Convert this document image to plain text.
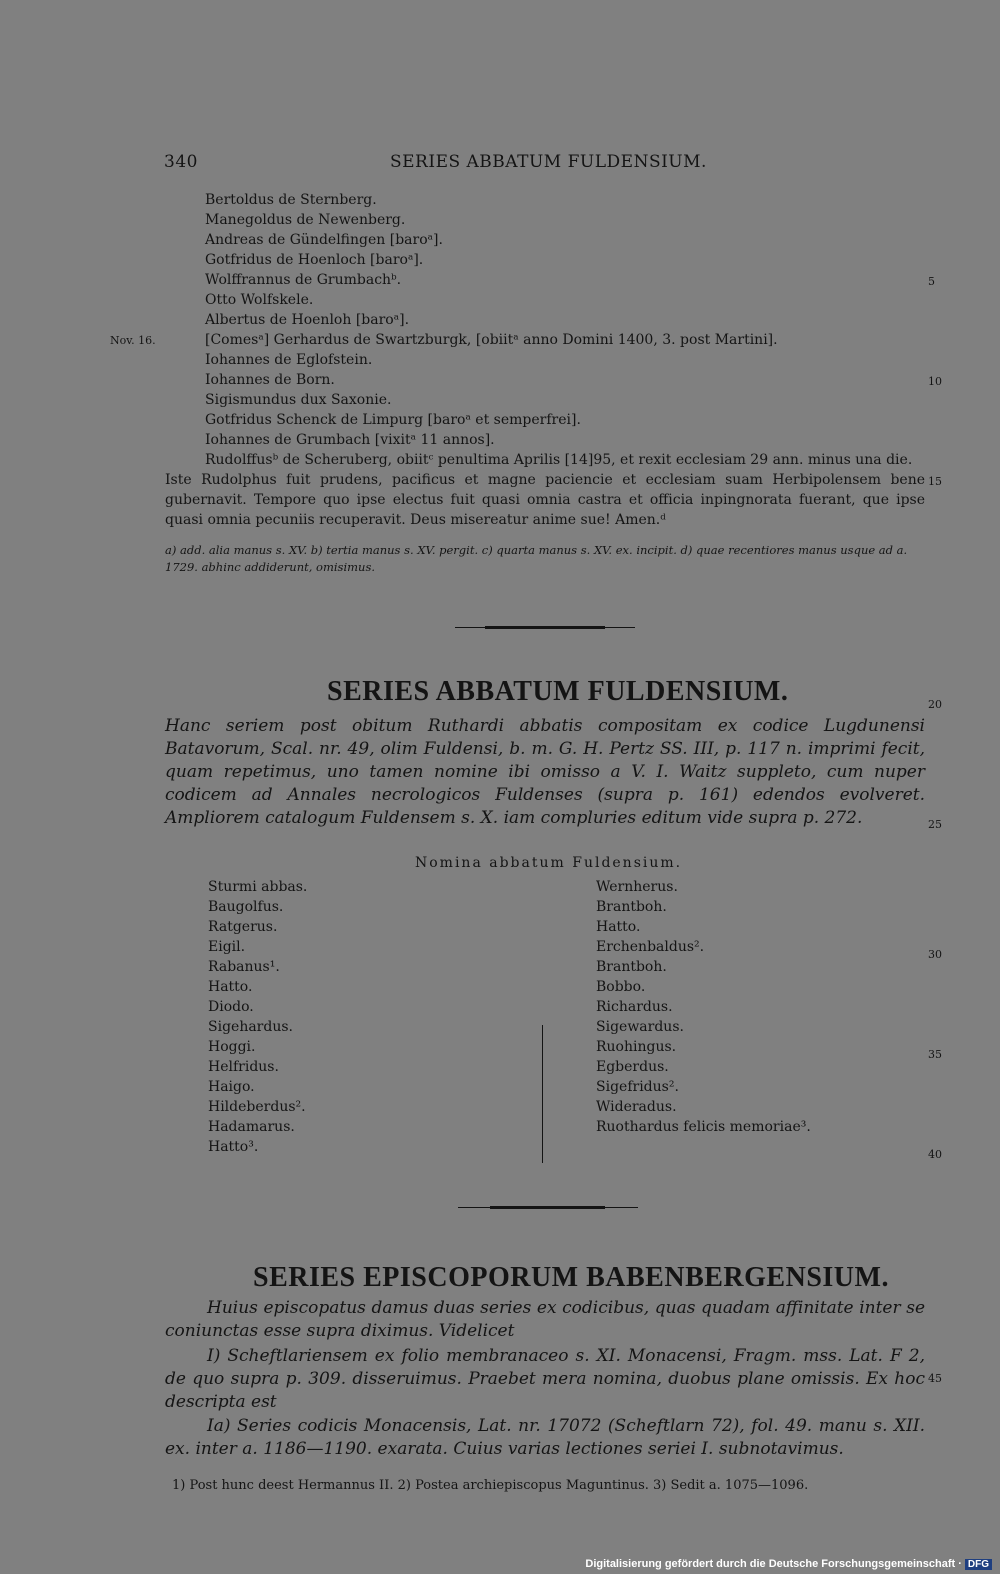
340	SERIES ABBATUM FULDENSIUM.
Bertoldus de Sternberg.
Manegoldus de Newenberg.
Andreas de Gündelfingen [baroᵃ].
Gotfridus de Hoenloch [baroᵃ].
Wolffrannus de Grumbachᵇ.
Otto Wolfskele.
Albertus de Hoenloh [baroᵃ].
[Comesᵃ] Gerhardus de Swartzburgk, [obiitᵃ anno Domini 1400, 3. post Martini].
Iohannes de Eglofstein.
Iohannes de Born.
Sigismundus dux Saxonie.
Gotfridus Schenck de Limpurg [baroᵃ et semperfrei].
Iohannes de Grumbach [vixitᵃ 11 annos].
Rudolffusᵇ de Scheruberg, obiitᶜ penultima Aprilis [14]95, et rexit ecclesiam 29 ann. minus una die.
Nov. 16.
Iste Rudolphus fuit prudens, pacificus et magne paciencie et ecclesiam suam Herbipolensem bene gubernavit. Tempore quo ipse electus fuit quasi omnia castra et officia inpingnorata fuerant, que ipse quasi omnia pecuniis recuperavit. Deus misereatur anime sue! Amen.ᵈ
5
10
15
20
25
30
35
40
45
a) add. alia manus s. XV. b) tertia manus s. XV. pergit. c) quarta manus s. XV. ex. incipit. d) quae recentiores manus usque ad a. 1729. abhinc addiderunt, omisimus.
SERIES ABBATUM FULDENSIUM.
Hanc seriem post obitum Ruthardi abbatis compositam ex codice Lugdunensi Batavorum, Scal. nr. 49, olim Fuldensi, b. m. G. H. Pertz SS. III, p. 117 n. imprimi fecit, quam repetimus, uno tamen nomine ibi omisso a V. I. Waitz suppleto, cum nuper codicem ad Annales necrologicos Fuldenses (supra p. 161) edendos evolveret. Ampliorem catalogum Fuldensem s. X. iam compluries editum vide supra p. 272.
Nomina abbatum Fuldensium.
Sturmi abbas.
Baugolfus.
Ratgerus.
Eigil.
Rabanus¹.
Hatto.
Diodo.
Sigehardus.
Hoggi.
Helfridus.
Haigo.
Hildeberdus².
Hadamarus.
Hatto³.
Wernherus.
Brantboh.
Hatto.
Erchenbaldus².
Brantboh.
Bobbo.
Richardus.
Sigewardus.
Ruohingus.
Egberdus.
Sigefridus².
Wideradus.
Ruothardus felicis memoriae³.
SERIES EPISCOPORUM BABENBERGENSIUM.
Huius episcopatus damus duas series ex codicibus, quas quadam affinitate inter se coniunctas esse supra diximus. Videlicet
I) Scheftlariensem ex folio membranaceo s. XI. Monacensi, Fragm. mss. Lat. F 2, de quo supra p. 309. disseruimus. Praebet mera nomina, duobus plane omissis. Ex hoc descripta est
Ia) Series codicis Monacensis, Lat. nr. 17072 (Scheftlarn 72), fol. 49. manu s. XII. ex. inter a. 1186—1190. exarata. Cuius varias lectiones seriei I. subnotavimus.
1) Post hunc deest Hermannus II. 2) Postea archiepiscopus Maguntinus. 3) Sedit a. 1075—1096.
Digitalisierung gefördert durch die Deutsche Forschungsgemeinschaft · DFG
